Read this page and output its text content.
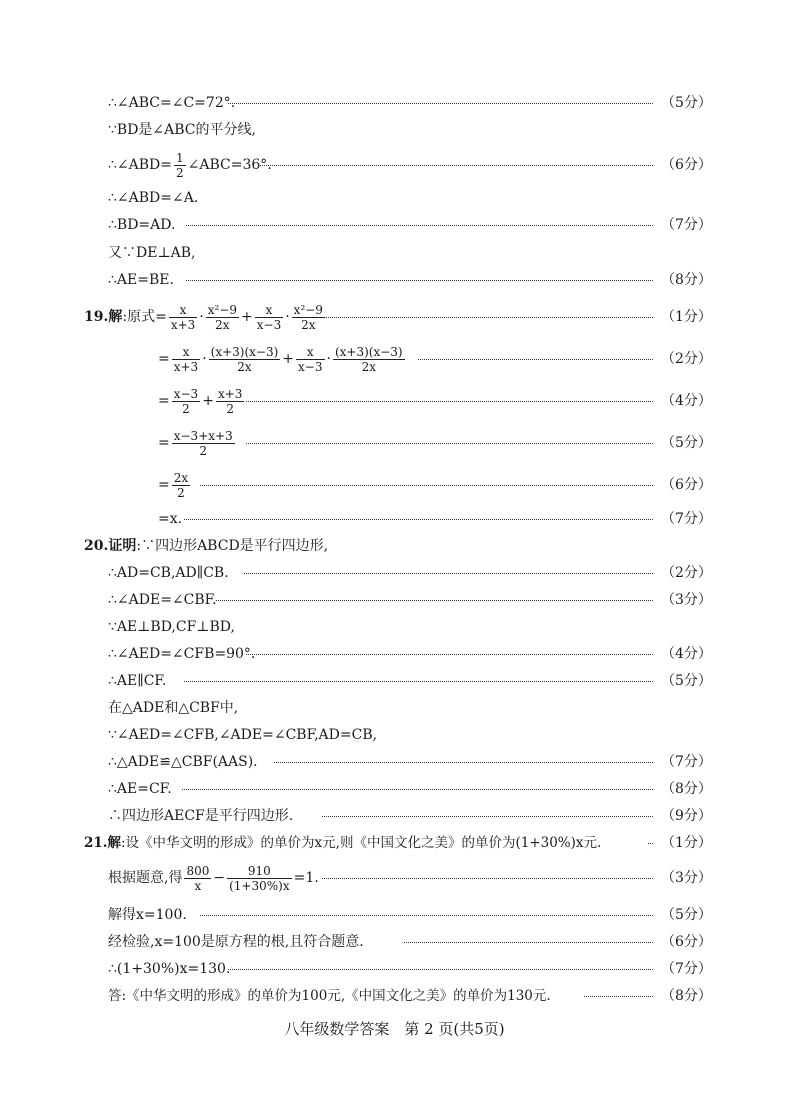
∴∠ABC=∠C=72°.	（5分）
∵BD是∠ABC的平分线,
∴∠ABD= $\frac{1}{2}$ ∠ABC=36°.	（6分）
∴∠ABD=∠A.
∴BD=AD.	（7分）
又∵DE⊥AB,
∴AE=BE.	（8分）
19.解:原式= $\frac{x}{x+3} \cdot \frac{\text{x²−9}}{2x} + \frac{x}{x-3} \cdot \frac{\text{x²−9}}{2x}$	（1分）
= $\frac{x}{x+3} \cdot \frac{(x+3)(x-3)}{2x} + \frac{x}{x-3} \cdot \frac{(x+3)(x-3)}{2x}$	（2分）
= $\frac{x-3}{2} + \frac{x+3}{2}$	（4分）
= $\frac{x-3+x+3}{2}$	（5分）
= $\frac{2x}{2}$	（6分）
=x.	（7分）
20.证明:∵四边形ABCD是平行四边形,
∴AD=CB,AD∥CB.	（2分）
∴∠ADE=∠CBF.	（3分）
∵AE⊥BD,CF⊥BD,
∴∠AED=∠CFB=90°.	（4分）
∴AE∥CF.	（5分）
在△ADE和△CBF中,
∵∠AED=∠CFB,∠ADE=∠CBF,AD=CB,
∴△ADE≌△CBF(AAS).	（7分）
∴AE=CF.	（8分）
∴四边形AECF是平行四边形.	（9分）
21.解:设《中华文明的形成》的单价为x元,则《中国文化之美》的单价为(1+30%)x元.	（1分）
根据题意,得 $\frac{800}{x} - \frac{910}{(1+30\%)x} =1$.	（3分）
解得x=100.	（5分）
经检验,x=100是原方程的根,且符合题意.	（6分）
∴(1+30%)x=130.	（7分）
答:《中华文明的形成》的单价为100元,《中国文化之美》的单价为130元.	（8分）
八年级数学答案　第 2 页(共5页)
